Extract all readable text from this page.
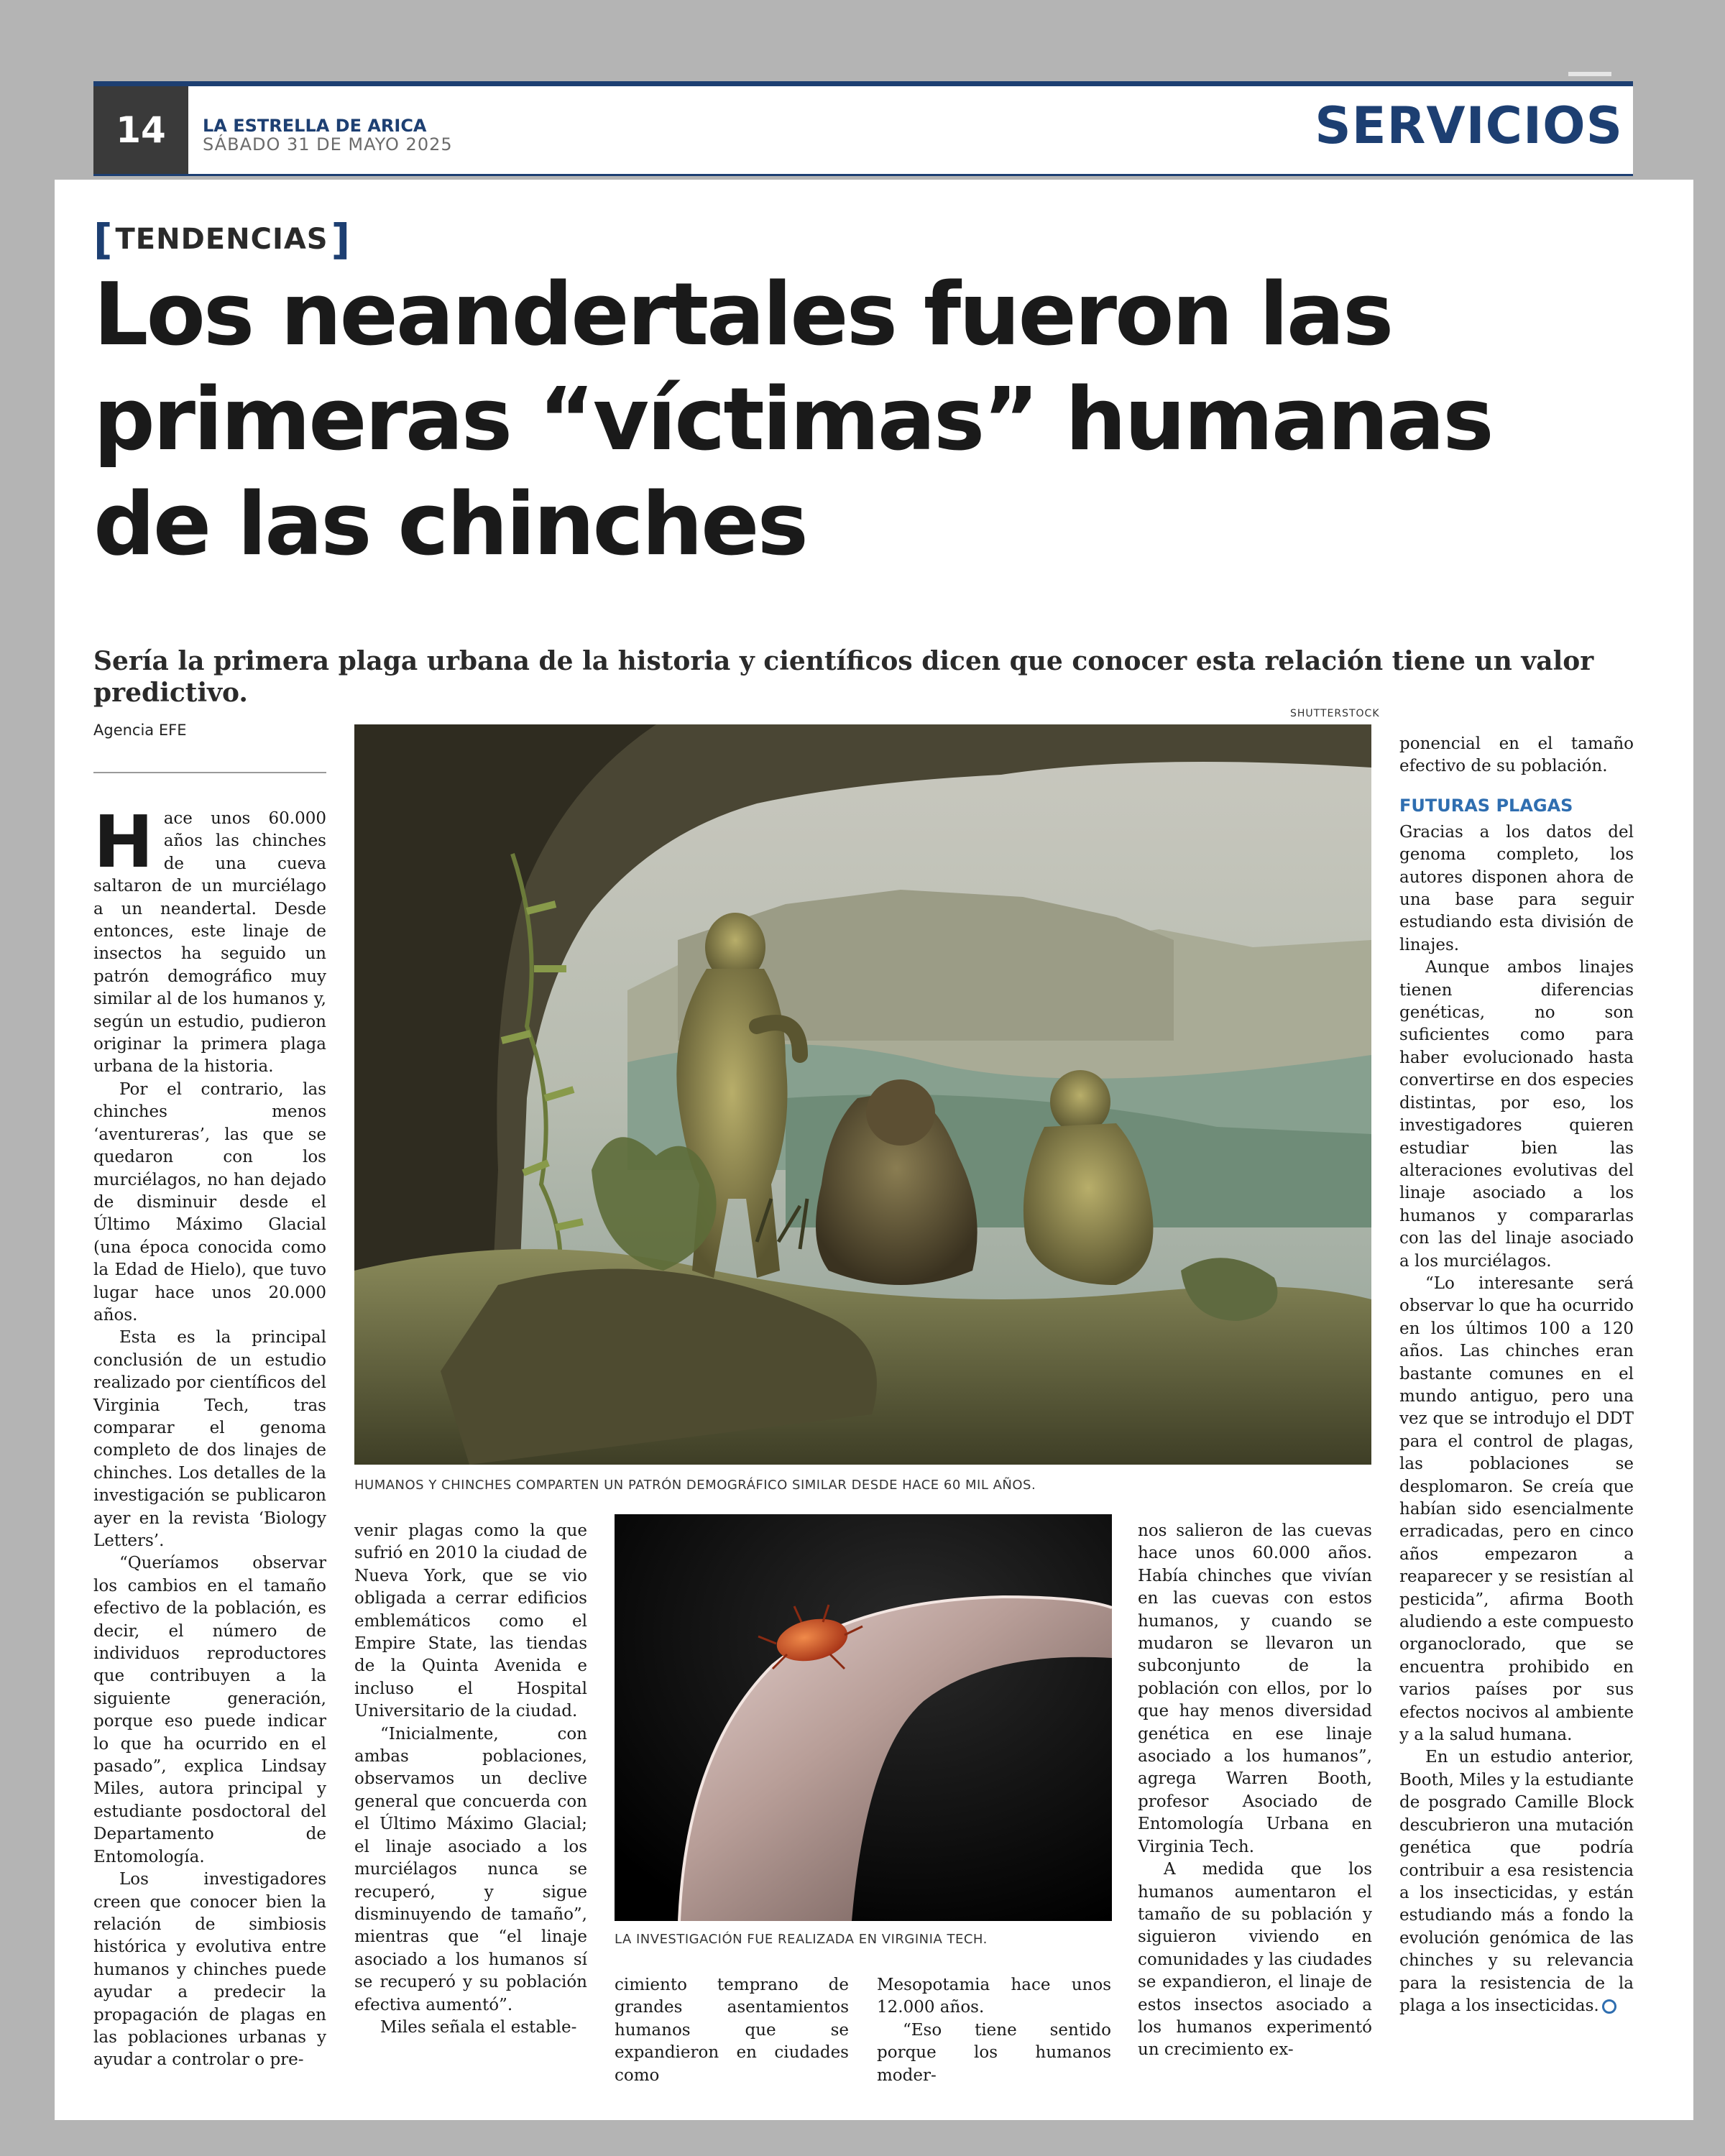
14	LA ESTRELLA DE ARICA
SÁBADO 31 DE MAYO 2025	SERVICIOS
[ TENDENCIAS ]
Los neandertales fueron las
primeras “víctimas” humanas
de las chinches
Sería la primera plaga urbana de la historia y científicos dicen que conocer esta relación tiene un valor predictivo.
Agencia EFE

Hace unos 60.000 años las chinches de una cueva saltaron de un murciélago a un neandertal. Desde entonces, este linaje de insectos ha seguido un patrón demográfico muy similar al de los humanos y, según un estudio, pudieron originar la primera plaga urbana de la historia.

Por el contrario, las chinches menos ‘aventureras’, las que se quedaron con los murciélagos, no han dejado de disminuir desde el Último Máximo Glacial (una época conocida como la Edad de Hielo), que tuvo lugar hace unos 20.000 años.

Esta es la principal conclusión de un estudio realizado por científicos del Virginia Tech, tras comparar el genoma completo de dos linajes de chinches. Los detalles de la investigación se publicaron ayer en la revista ‘Biology Letters’.

“Queríamos observar los cambios en el tamaño efectivo de la población, es decir, el número de individuos reproductores que contribuyen a la siguiente generación, porque eso puede indicar lo que ha ocurrido en el pasado”, explica Lindsay Miles, autora principal y estudiante posdoctoral del Departamento de Entomología.

Los investigadores creen que conocer bien la relación de simbiosis histórica y evolutiva entre humanos y chinches puede ayudar a predecir la propagación de plagas en las poblaciones urbanas y ayudar a controlar o pre-

SHUTTERSTOCK
HUMANOS Y CHINCHES COMPARTEN UN PATRÓN DEMOGRÁFICO SIMILAR DESDE HACE 60 MIL AÑOS.

venir plagas como la que sufrió en 2010 la ciudad de Nueva York, que se vio obligada a cerrar edificios emblemáticos como el Empire State, las tiendas de la Quinta Avenida e incluso el Hospital Universitario de la ciudad.

“Inicialmente, con ambas poblaciones, observamos un declive general que concuerda con el Último Máximo Glacial; el linaje asociado a los murciélagos nunca se recuperó, y sigue disminuyendo de tamaño”, mientras que “el linaje asociado a los humanos sí se recuperó y su población efectiva aumentó”.

Miles señala el estable-

LA INVESTIGACIÓN FUE REALIZADA EN VIRGINIA TECH.

cimiento temprano de grandes asentamientos humanos que se expandieron en ciudades como

Mesopotamia hace unos 12.000 años.

“Eso tiene sentido porque los humanos moder-

nos salieron de las cuevas hace unos 60.000 años. Había chinches que vivían en las cuevas con estos humanos, y cuando se mudaron se llevaron un subconjunto de la población con ellos, por lo que hay menos diversidad genética en ese linaje asociado a los humanos”, agrega Warren Booth, profesor Asociado de Entomología Urbana en Virginia Tech.

A medida que los humanos aumentaron el tamaño de su población y siguieron viviendo en comunidades y las ciudades se expandieron, el linaje de estos insectos asociado a los humanos experimentó un crecimiento ex-

ponencial en el tamaño efectivo de su población.

FUTURAS PLAGAS

Gracias a los datos del genoma completo, los autores disponen ahora de una base para seguir estudiando esta división de linajes.

Aunque ambos linajes tienen diferencias genéticas, no son suficientes como para haber evolucionado hasta convertirse en dos especies distintas, por eso, los investigadores quieren estudiar bien las alteraciones evolutivas del linaje asociado a los humanos y compararlas con las del linaje asociado a los murciélagos.

“Lo interesante será observar lo que ha ocurrido en los últimos 100 a 120 años. Las chinches eran bastante comunes en el mundo antiguo, pero una vez que se introdujo el DDT para el control de plagas, las poblaciones se desplomaron. Se creía que habían sido esencialmente erradicadas, pero en cinco años empezaron a reaparecer y se resistían al pesticida”, afirma Booth aludiendo a este compuesto organoclorado, que se encuentra prohibido en varios países por sus efectos nocivos al ambiente y a la salud humana.

En un estudio anterior, Booth, Miles y la estudiante de posgrado Camille Block descubrieron una mutación genética que podría contribuir a esa resistencia a los insecticidas, y están estudiando más a fondo la evolución genómica de las chinches y su relevancia para la resistencia de la plaga a los insecticidas.
